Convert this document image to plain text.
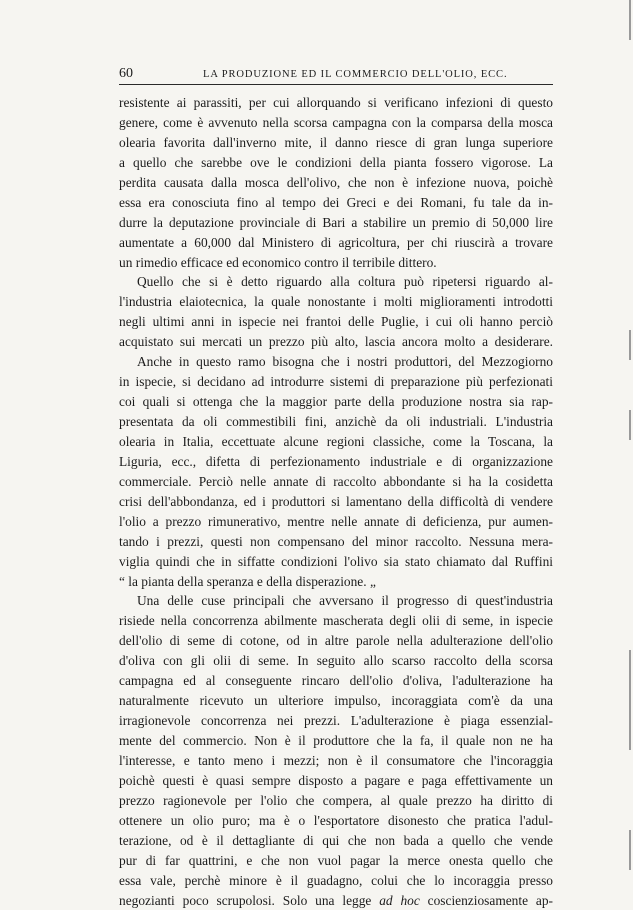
60	LA PRODUZIONE ED IL COMMERCIO DELL'OLIO, ECC.
resistente ai parassiti, per cui allorquando si verificano infezioni di questo
genere, come è avvenuto nella scorsa campagna con la comparsa della mosca
olearia favorita dall'inverno mite, il danno riesce di gran lunga superiore
a quello che sarebbe ove le condizioni della pianta fossero vigorose. La
perdita causata dalla mosca dell'olivo, che non è infezione nuova, poichè
essa era conosciuta fino al tempo dei Greci e dei Romani, fu tale da in-
durre la deputazione provinciale di Bari a stabilire un premio di 50,000 lire
aumentate a 60,000 dal Ministero di agricoltura, per chi riuscirà a trovare
un rimedio efficace ed economico contro il terribile dittero.
Quello che si è detto riguardo alla coltura può ripetersi riguardo al-
l'industria elaiotecnica, la quale nonostante i molti miglioramenti introdotti
negli ultimi anni in ispecie nei frantoi delle Puglie, i cui oli hanno perciò
acquistato sui mercati un prezzo più alto, lascia ancora molto a desiderare.
Anche in questo ramo bisogna che i nostri produttori, del Mezzogiorno
in ispecie, si decidano ad introdurre sistemi di preparazione più perfezionati
coi quali si ottenga che la maggior parte della produzione nostra sia rap-
presentata da oli commestibili fini, anzichè da oli industriali. L'industria
olearia in Italia, eccettuate alcune regioni classiche, come la Toscana, la
Liguria, ecc., difetta di perfezionamento industriale e di organizzazione
commerciale. Perciò nelle annate di raccolto abbondante si ha la cosidetta
crisi dell'abbondanza, ed i produttori si lamentano della difficoltà di vendere
l'olio a prezzo rimunerativo, mentre nelle annate di deficienza, pur aumen-
tando i prezzi, questi non compensano del minor raccolto. Nessuna mera-
viglia quindi che in siffatte condizioni l'olivo sia stato chiamato dal Ruffini
“ la pianta della speranza e della disperazione. „
Una delle cuse principali che avversano il progresso di quest'industria
risiede nella concorrenza abilmente mascherata degli olii di seme, in ispecie
dell'olio di seme di cotone, od in altre parole nella adulterazione dell'olio
d'oliva con gli olii di seme. In seguito allo scarso raccolto della scorsa
campagna ed al conseguente rincaro dell'olio d'oliva, l'adulterazione ha
naturalmente ricevuto un ulteriore impulso, incoraggiata com'è da una
irragionevole concorrenza nei prezzi. L'adulterazione è piaga essenzial-
mente del commercio. Non è il produttore che la fa, il quale non ne ha
l'interesse, e tanto meno i mezzi; non è il consumatore che l'incoraggia
poichè questi è quasi sempre disposto a pagare e paga effettivamente un
prezzo ragionevole per l'olio che compera, al quale prezzo ha diritto di
ottenere un olio puro; ma è o l'esportatore disonesto che pratica l'adul-
terazione, od è il dettagliante di qui che non bada a quello che vende
pur di far quattrini, e che non vuol pagar la merce onesta quello che
essa vale, perchè minore è il guadagno, colui che lo incoraggia presso
negozianti poco scrupolosi. Solo una legge ad hoc coscienziosamente ap-
